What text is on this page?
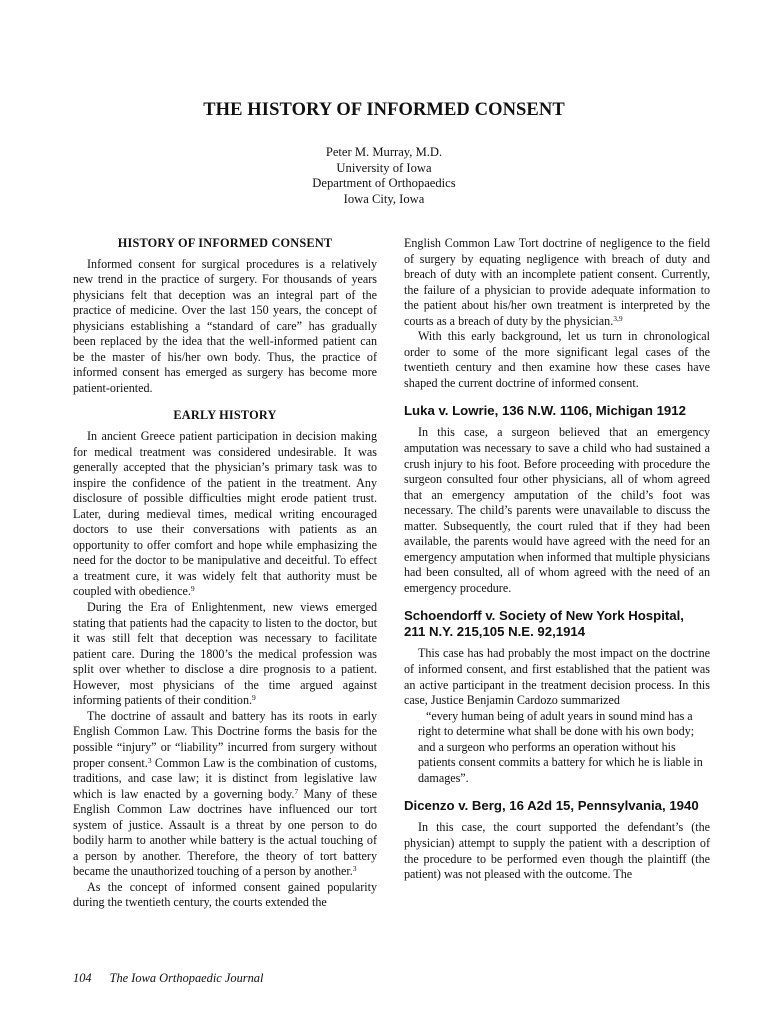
THE HISTORY OF INFORMED CONSENT
Peter M. Murray, M.D.
University of Iowa
Department of Orthopaedics
Iowa City, Iowa
HISTORY OF INFORMED CONSENT

Informed consent for surgical procedures is a relatively new trend in the practice of surgery. For thousands of years physicians felt that deception was an integral part of the practice of medicine. Over the last 150 years, the concept of physicians establishing a “standard of care” has gradually been replaced by the idea that the well-informed patient can be the master of his/her own body. Thus, the practice of informed consent has emerged as surgery has become more patient-oriented.

EARLY HISTORY

In ancient Greece patient participation in decision making for medical treatment was considered undesirable. It was generally accepted that the physician’s primary task was to inspire the confidence of the patient in the treatment. Any disclosure of possible difficulties might erode patient trust. Later, during medieval times, medical writing encouraged doctors to use their conversations with patients as an opportunity to offer comfort and hope while emphasizing the need for the doctor to be manipulative and deceitful. To effect a treatment cure, it was widely felt that authority must be coupled with obedience.$^9$

During the Era of Enlightenment, new views emerged stating that patients had the capacity to listen to the doctor, but it was still felt that deception was necessary to facilitate patient care. During the 1800’s the medical profession was split over whether to disclose a dire prognosis to a patient. However, most physicians of the time argued against informing patients of their condition.$^9$

The doctrine of assault and battery has its roots in early English Common Law. This Doctrine forms the basis for the possible “injury” or “liability” incurred from surgery without proper consent.$^3$ Common Law is the combination of customs, traditions, and case law; it is distinct from legislative law which is law enacted by a governing body.$^7$ Many of these English Common Law doctrines have influenced our tort system of justice. Assault is a threat by one person to do bodily harm to another while battery is the actual touching of a person by another. Therefore, the theory of tort battery became the unauthorized touching of a person by another.$^3$

As the concept of informed consent gained popularity during the twentieth century, the courts extended the

English Common Law Tort doctrine of negligence to the field of surgery by equating negligence with breach of duty and breach of duty with an incomplete patient consent. Currently, the failure of a physician to provide adequate information to the patient about his/her own treatment is interpreted by the courts as a breach of duty by the physician.$^{3,9}$

With this early background, let us turn in chronological order to some of the more significant legal cases of the twentieth century and then examine how these cases have shaped the current doctrine of informed consent.

Luka v. Lowrie, 136 N.W. 1106, Michigan 1912

In this case, a surgeon believed that an emergency amputation was necessary to save a child who had sustained a crush injury to his foot. Before proceeding with procedure the surgeon consulted four other physicians, all of whom agreed that an emergency amputation of the child’s foot was necessary. The child’s parents were unavailable to discuss the matter. Subsequently, the court ruled that if they had been available, the parents would have agreed with the need for an emergency amputation when informed that multiple physicians had been consulted, all of whom agreed with the need of an emergency procedure.

Schoendorff v. Society of New York Hospital,
211 N.Y. 215,105 N.E. 92,1914

This case has had probably the most impact on the doctrine of informed consent, and first established that the patient was an active participant in the treatment decision process. In this case, Justice Benjamin Cardozo summarized

“every human being of adult years in sound mind has a right to determine what shall be done with his own body; and a surgeon who performs an operation without his patients consent commits a battery for which he is liable in damages”.
Dicenzo v. Berg, 16 A2d 15, Pennsylvania, 1940

In this case, the court supported the defendant’s (the physician) attempt to supply the patient with a description of the procedure to be performed even though the plaintiff (the patient) was not pleased with the outcome. The

104 The Iowa Orthopaedic Journal
